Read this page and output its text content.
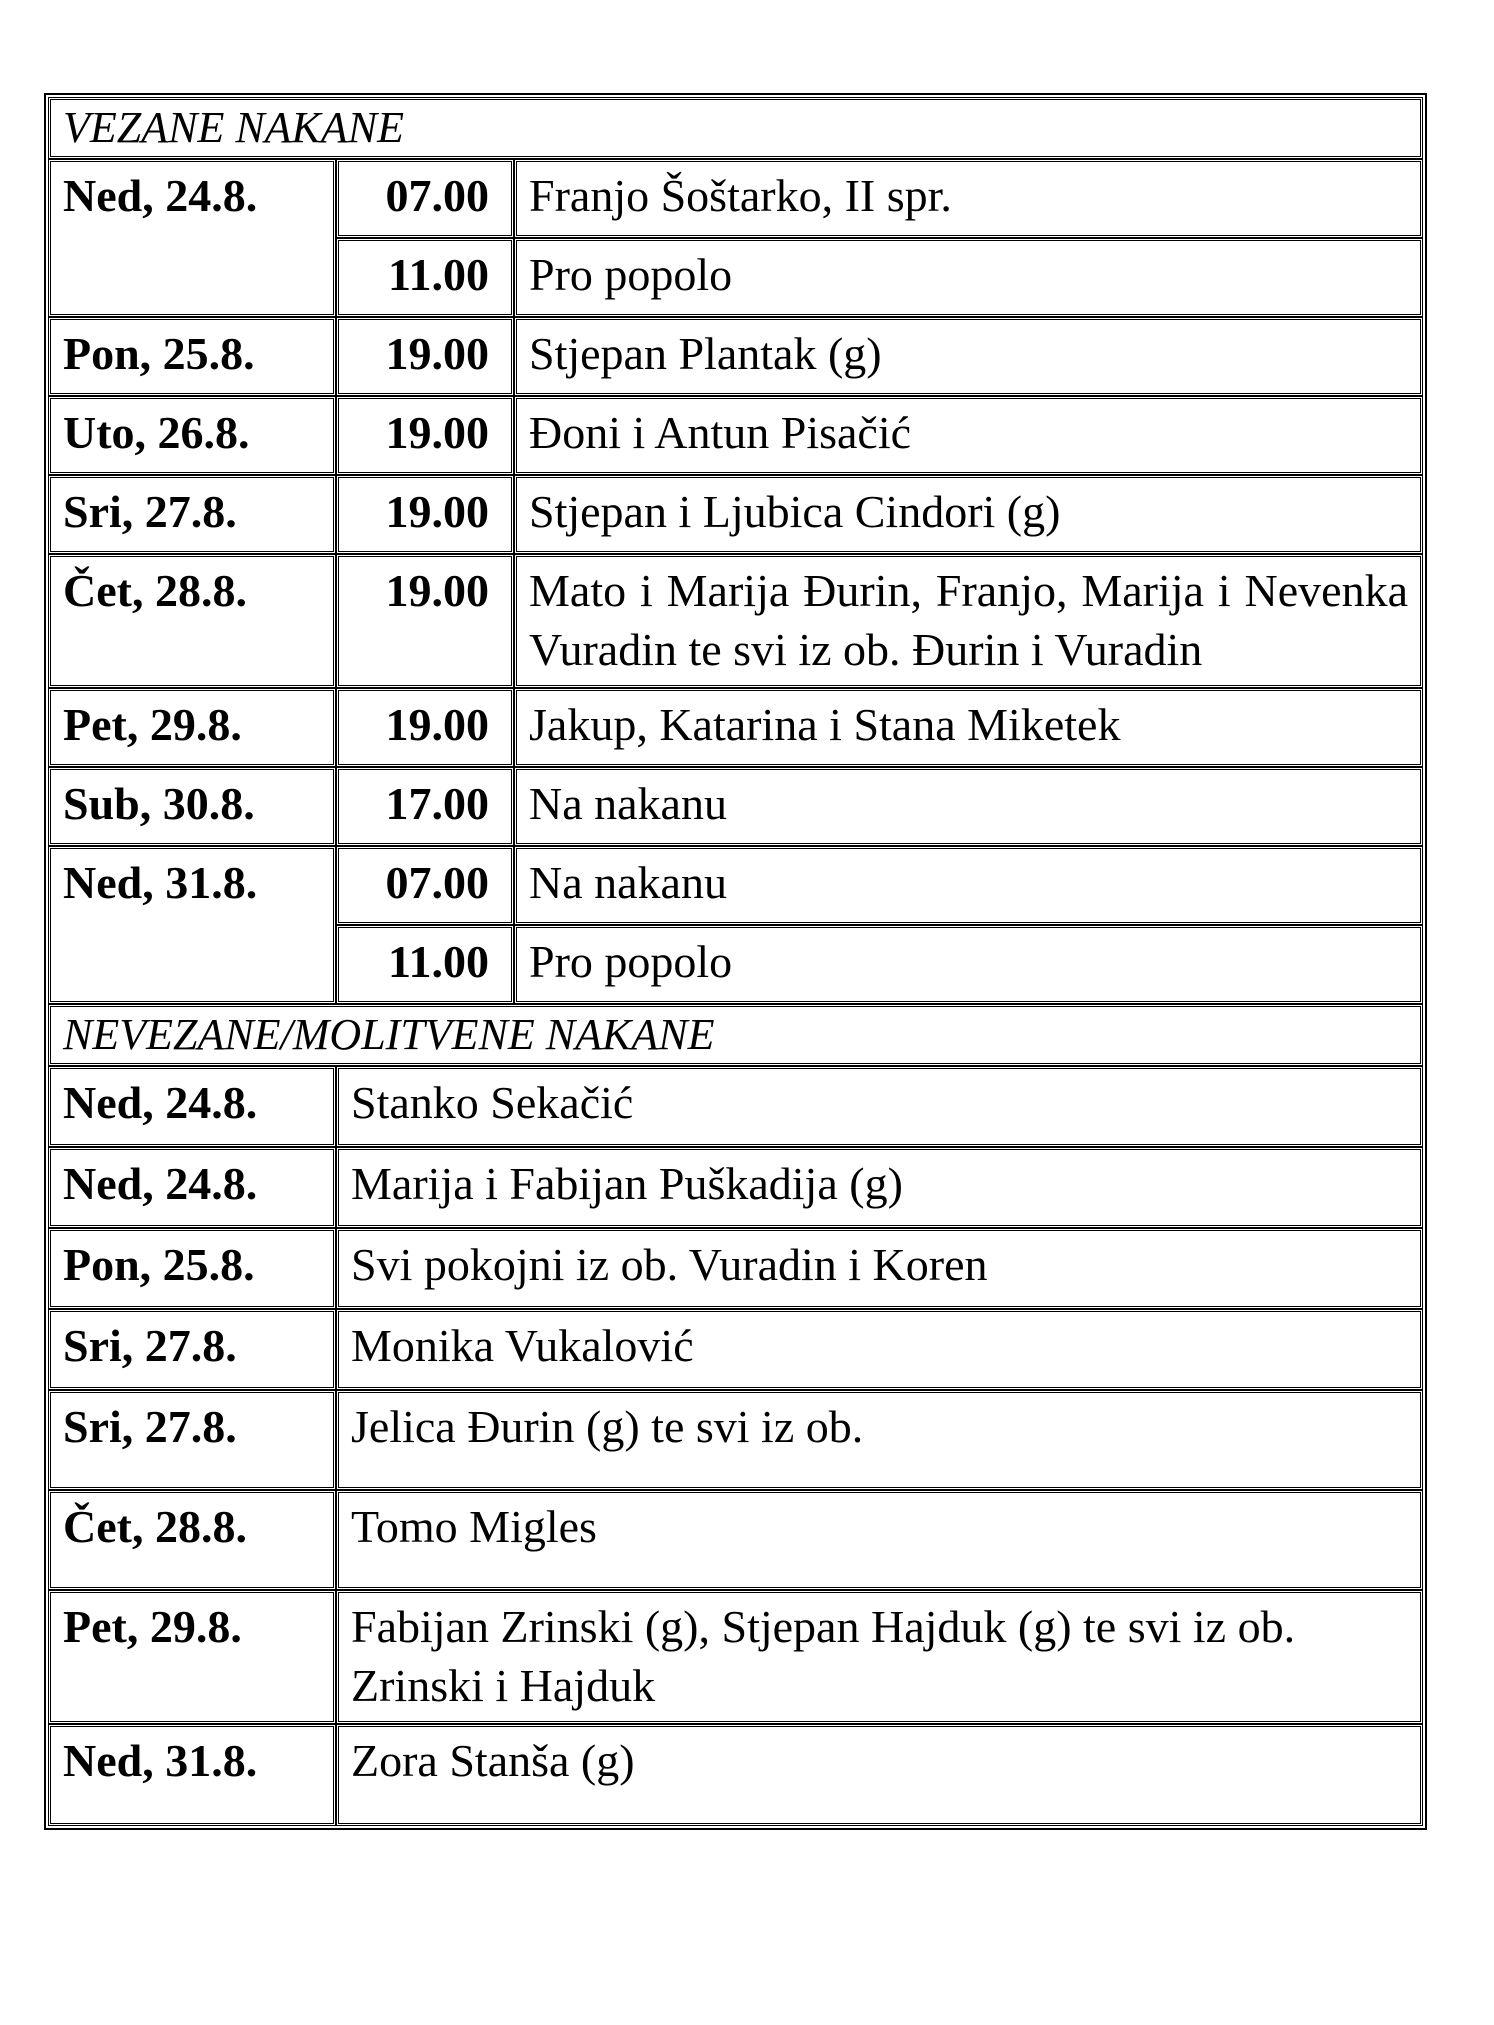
VEZANE NAKANE		
Ned, 24.8.	07.00	Franjo Šoštarko, II spr.
	11.00	Pro popolo
Pon, 25.8.	19.00	Stjepan Plantak (g)
Uto, 26.8.	19.00	Đoni i Antun Pisačić
Sri, 27.8.	19.00	Stjepan i Ljubica Cindori (g)
Čet, 28.8.	19.00	Mato i Marija Đurin, Franjo, Marija i Nevenka Vuradin te svi iz ob. Đurin i Vuradin
Pet, 29.8.	19.00	Jakup, Katarina i Stana Miketek
Sub, 30.8.	17.00	Na nakanu
Ned, 31.8.	07.00	Na nakanu
	11.00	Pro popolo
NEVEZANE/MOLITVENE NAKANE		
Ned, 24.8.	Stanko Sekačić	
Ned, 24.8.	Marija i Fabijan Puškadija (g)	
Pon, 25.8.	Svi pokojni iz ob. Vuradin i Koren	
Sri, 27.8.	Monika Vukalović	
Sri, 27.8.	Jelica Đurin (g) te svi iz ob.	
Čet, 28.8.	Tomo Migles	
Pet, 29.8.	Fabijan Zrinski (g), Stjepan Hajduk (g) te svi iz ob. Zrinski i Hajduk	
Ned, 31.8.	Zora Stanša (g)	
